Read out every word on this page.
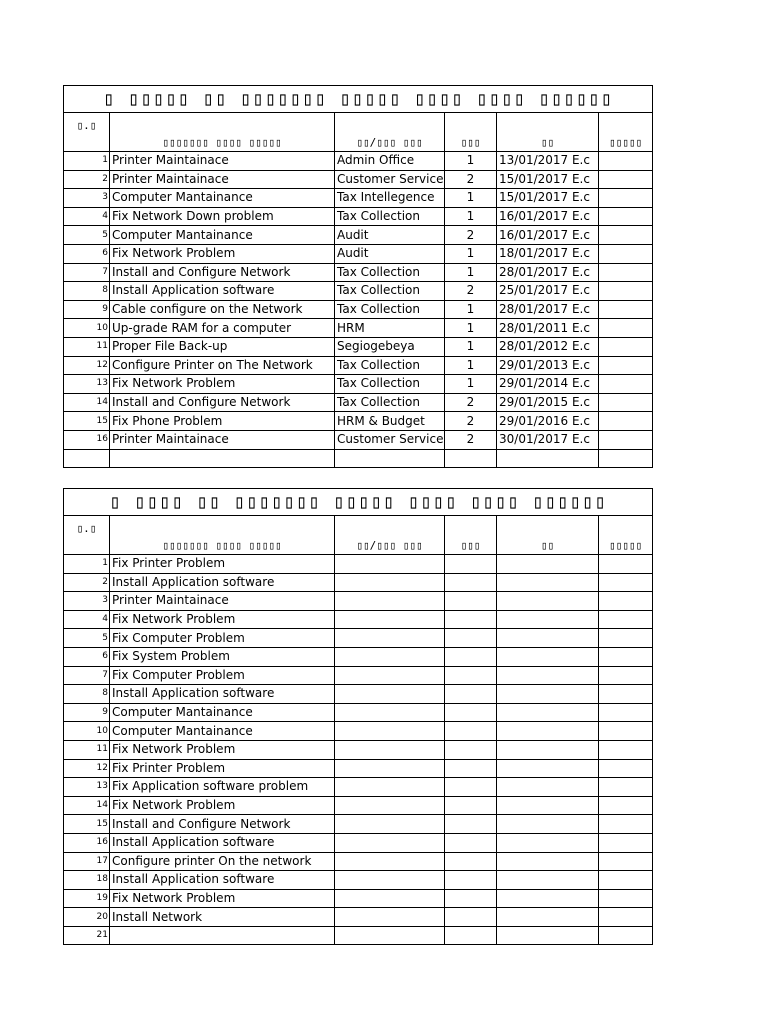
▯ ▯▯▯▯▯ ▯▯ ▯▯▯▯▯▯▯ ▯▯▯▯▯ ▯▯▯▯ ▯▯▯▯ ▯▯▯▯▯▯					
▯.▯	▯▯▯▯▯▯▯ ▯▯▯▯ ▯▯▯▯▯	▯▯/▯▯▯ ▯▯▯	▯▯▯	▯▯	▯▯▯▯▯
1	Printer Maintainace	Admin Office	1	13/01/2017 E.c	
2	Printer Maintainace	Customer Service	2	15/01/2017 E.c	
3	Computer Mantainance	Tax Intellegence	1	15/01/2017 E.c	
4	Fix Network Down problem	Tax Collection	1	16/01/2017 E.c	
5	Computer Mantainance	Audit	2	16/01/2017 E.c	
6	Fix Network Problem	Audit	1	18/01/2017 E.c	
7	Install and Configure Network	Tax Collection	1	28/01/2017 E.c	
8	Install Application software	Tax Collection	2	25/01/2017 E.c	
9	Cable configure on the Network	Tax Collection	1	28/01/2017 E.c	
10	Up-grade RAM for a computer	HRM	1	28/01/2011 E.c	
11	Proper File Back-up	Segiogebeya	1	28/01/2012 E.c	
12	Configure Printer on The Network	Tax Collection	1	29/01/2013 E.c	
13	Fix Network Problem	Tax Collection	1	29/01/2014 E.c	
14	Install and Configure Network	Tax Collection	2	29/01/2015 E.c	
15	Fix Phone Problem	HRM & Budget	2	29/01/2016 E.c	
16	Printer Maintainace	Customer Service	2	30/01/2017 E.c	

▯ ▯▯▯▯ ▯▯ ▯▯▯▯▯▯▯ ▯▯▯▯▯ ▯▯▯▯ ▯▯▯▯ ▯▯▯▯▯▯					
▯.▯	▯▯▯▯▯▯▯ ▯▯▯▯ ▯▯▯▯▯	▯▯/▯▯▯ ▯▯▯	▯▯▯	▯▯	▯▯▯▯▯
1	Fix Printer Problem				
2	Install Application software				
3	Printer Maintainace				
4	Fix Network Problem				
5	Fix Computer Problem				
6	Fix System Problem				
7	Fix Computer Problem				
8	Install Application software				
9	Computer Mantainance				
10	Computer Mantainance				
11	Fix Network Problem				
12	Fix Printer Problem				
13	Fix Application software problem				
14	Fix Network Problem				
15	Install and Configure Network				
16	Install Application software				
17	Configure printer On the network				
18	Install Application software				
19	Fix Network Problem				
20	Install Network				
21					
